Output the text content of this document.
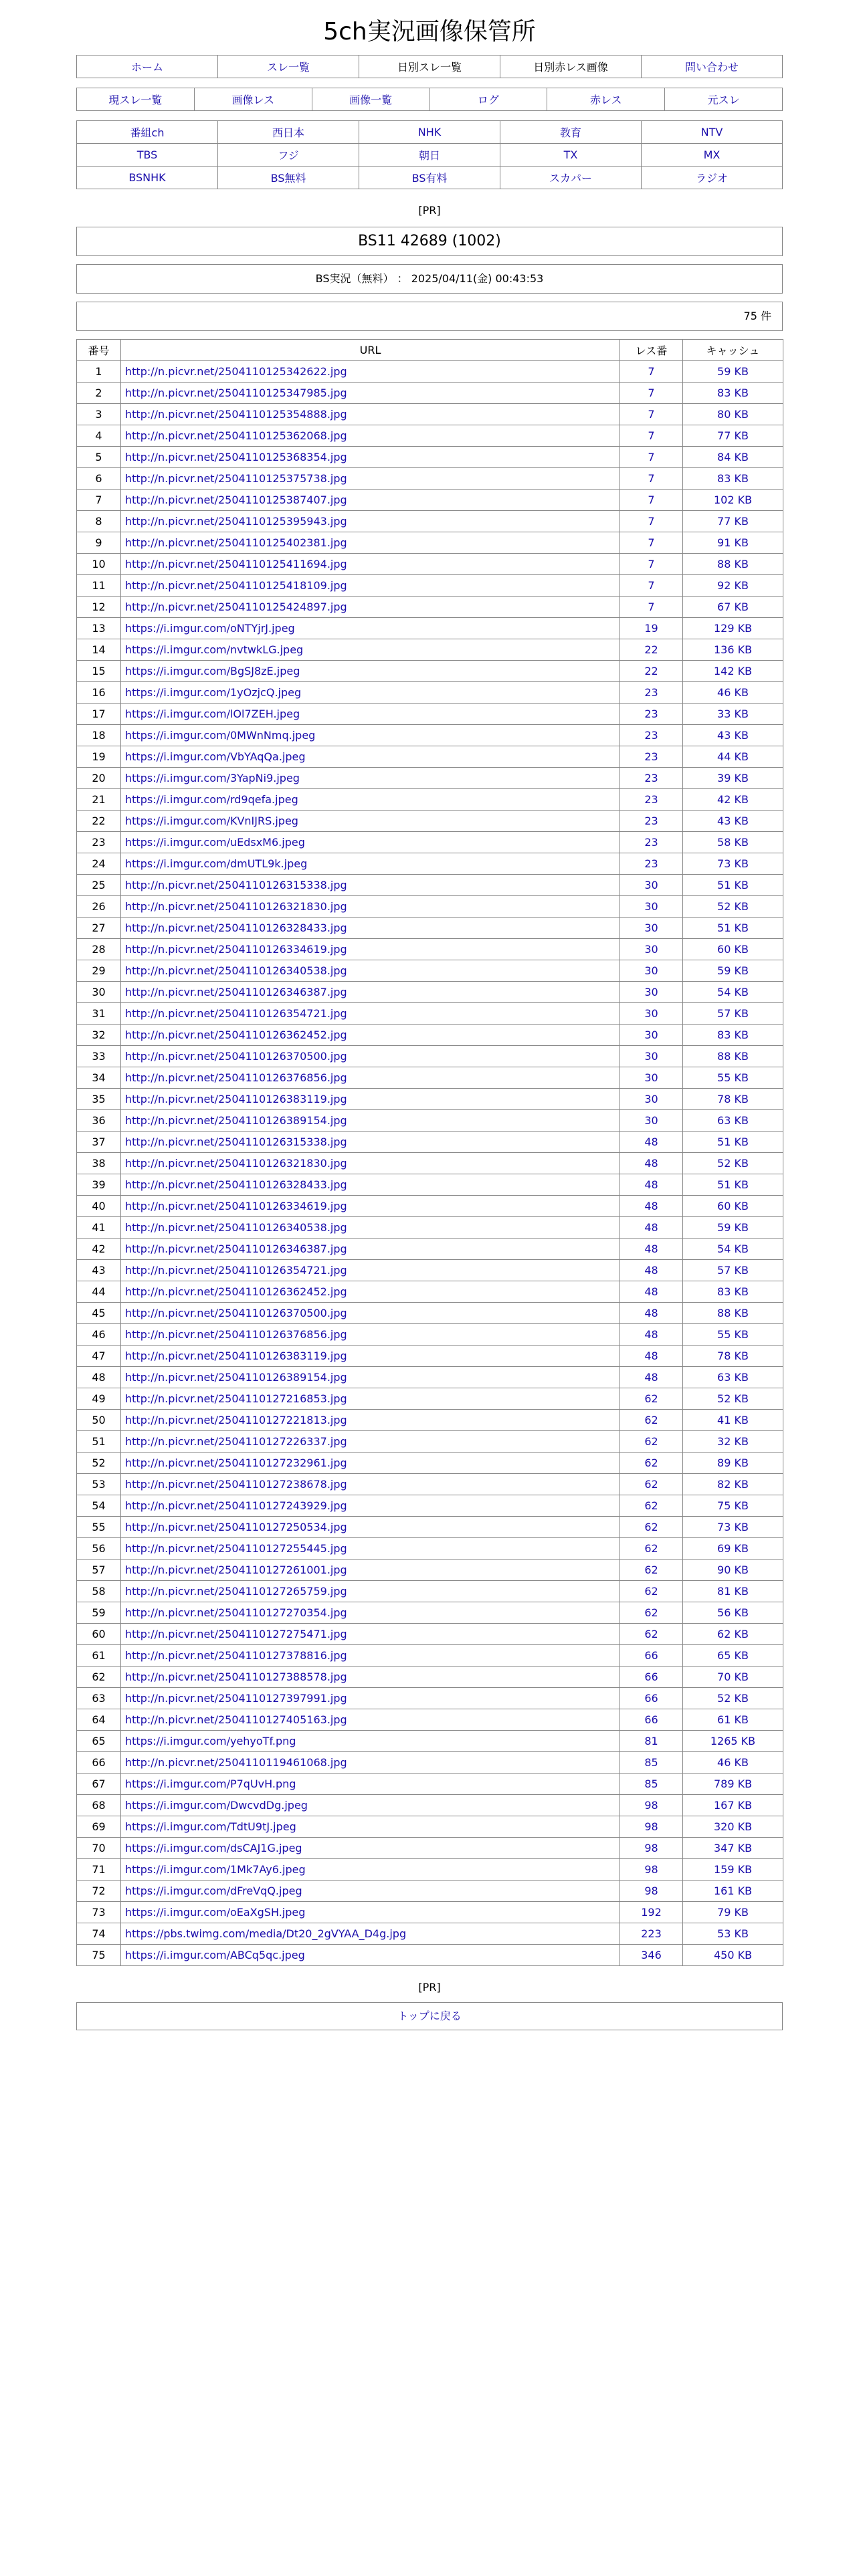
5ch実況画像保管所
ホーム	スレ一覧	日別スレ一覧	日別赤レス画像	問い合わせ
現スレ一覧	画像レス	画像一覧	ログ	赤レス	元スレ
番組ch	西日本	NHK	教育	NTV
TBS	フジ	朝日	TX	MX
BSNHK	BS無料	BS有料	スカパー	ラジオ
[PR]
BS11 42689 (1002)
BS実況（無料） ： 2025/04/11(金) 00:43:53
75 件
番号	URL	レス番	キャッシュ
1	http://n.picvr.net/2504110125342622.jpg	7	59 KB
2	http://n.picvr.net/2504110125347985.jpg	7	83 KB
3	http://n.picvr.net/2504110125354888.jpg	7	80 KB
4	http://n.picvr.net/2504110125362068.jpg	7	77 KB
5	http://n.picvr.net/2504110125368354.jpg	7	84 KB
6	http://n.picvr.net/2504110125375738.jpg	7	83 KB
7	http://n.picvr.net/2504110125387407.jpg	7	102 KB
8	http://n.picvr.net/2504110125395943.jpg	7	77 KB
9	http://n.picvr.net/2504110125402381.jpg	7	91 KB
10	http://n.picvr.net/2504110125411694.jpg	7	88 KB
11	http://n.picvr.net/2504110125418109.jpg	7	92 KB
12	http://n.picvr.net/2504110125424897.jpg	7	67 KB
13	https://i.imgur.com/oNTYjrJ.jpeg	19	129 KB
14	https://i.imgur.com/nvtwkLG.jpeg	22	136 KB
15	https://i.imgur.com/BgSJ8zE.jpeg	22	142 KB
16	https://i.imgur.com/1yOzjcQ.jpeg	23	46 KB
17	https://i.imgur.com/lOl7ZEH.jpeg	23	33 KB
18	https://i.imgur.com/0MWnNmq.jpeg	23	43 KB
19	https://i.imgur.com/VbYAqQa.jpeg	23	44 KB
20	https://i.imgur.com/3YapNi9.jpeg	23	39 KB
21	https://i.imgur.com/rd9qefa.jpeg	23	42 KB
22	https://i.imgur.com/KVnIJRS.jpeg	23	43 KB
23	https://i.imgur.com/uEdsxM6.jpeg	23	58 KB
24	https://i.imgur.com/dmUTL9k.jpeg	23	73 KB
25	http://n.picvr.net/2504110126315338.jpg	30	51 KB
26	http://n.picvr.net/2504110126321830.jpg	30	52 KB
27	http://n.picvr.net/2504110126328433.jpg	30	51 KB
28	http://n.picvr.net/2504110126334619.jpg	30	60 KB
29	http://n.picvr.net/2504110126340538.jpg	30	59 KB
30	http://n.picvr.net/2504110126346387.jpg	30	54 KB
31	http://n.picvr.net/2504110126354721.jpg	30	57 KB
32	http://n.picvr.net/2504110126362452.jpg	30	83 KB
33	http://n.picvr.net/2504110126370500.jpg	30	88 KB
34	http://n.picvr.net/2504110126376856.jpg	30	55 KB
35	http://n.picvr.net/2504110126383119.jpg	30	78 KB
36	http://n.picvr.net/2504110126389154.jpg	30	63 KB
37	http://n.picvr.net/2504110126315338.jpg	48	51 KB
38	http://n.picvr.net/2504110126321830.jpg	48	52 KB
39	http://n.picvr.net/2504110126328433.jpg	48	51 KB
40	http://n.picvr.net/2504110126334619.jpg	48	60 KB
41	http://n.picvr.net/2504110126340538.jpg	48	59 KB
42	http://n.picvr.net/2504110126346387.jpg	48	54 KB
43	http://n.picvr.net/2504110126354721.jpg	48	57 KB
44	http://n.picvr.net/2504110126362452.jpg	48	83 KB
45	http://n.picvr.net/2504110126370500.jpg	48	88 KB
46	http://n.picvr.net/2504110126376856.jpg	48	55 KB
47	http://n.picvr.net/2504110126383119.jpg	48	78 KB
48	http://n.picvr.net/2504110126389154.jpg	48	63 KB
49	http://n.picvr.net/2504110127216853.jpg	62	52 KB
50	http://n.picvr.net/2504110127221813.jpg	62	41 KB
51	http://n.picvr.net/2504110127226337.jpg	62	32 KB
52	http://n.picvr.net/2504110127232961.jpg	62	89 KB
53	http://n.picvr.net/2504110127238678.jpg	62	82 KB
54	http://n.picvr.net/2504110127243929.jpg	62	75 KB
55	http://n.picvr.net/2504110127250534.jpg	62	73 KB
56	http://n.picvr.net/2504110127255445.jpg	62	69 KB
57	http://n.picvr.net/2504110127261001.jpg	62	90 KB
58	http://n.picvr.net/2504110127265759.jpg	62	81 KB
59	http://n.picvr.net/2504110127270354.jpg	62	56 KB
60	http://n.picvr.net/2504110127275471.jpg	62	62 KB
61	http://n.picvr.net/2504110127378816.jpg	66	65 KB
62	http://n.picvr.net/2504110127388578.jpg	66	70 KB
63	http://n.picvr.net/2504110127397991.jpg	66	52 KB
64	http://n.picvr.net/2504110127405163.jpg	66	61 KB
65	https://i.imgur.com/yehyoTf.png	81	1265 KB
66	http://n.picvr.net/2504110119461068.jpg	85	46 KB
67	https://i.imgur.com/P7qUvH.png	85	789 KB
68	https://i.imgur.com/DwcvdDg.jpeg	98	167 KB
69	https://i.imgur.com/TdtU9tJ.jpeg	98	320 KB
70	https://i.imgur.com/dsCAJ1G.jpeg	98	347 KB
71	https://i.imgur.com/1Mk7Ay6.jpeg	98	159 KB
72	https://i.imgur.com/dFreVqQ.jpeg	98	161 KB
73	https://i.imgur.com/oEaXgSH.jpeg	192	79 KB
74	https://pbs.twimg.com/media/Dt20_2gVYAA_D4g.jpg	223	53 KB
75	https://i.imgur.com/ABCq5qc.jpeg	346	450 KB
[PR]
トップに戻る
